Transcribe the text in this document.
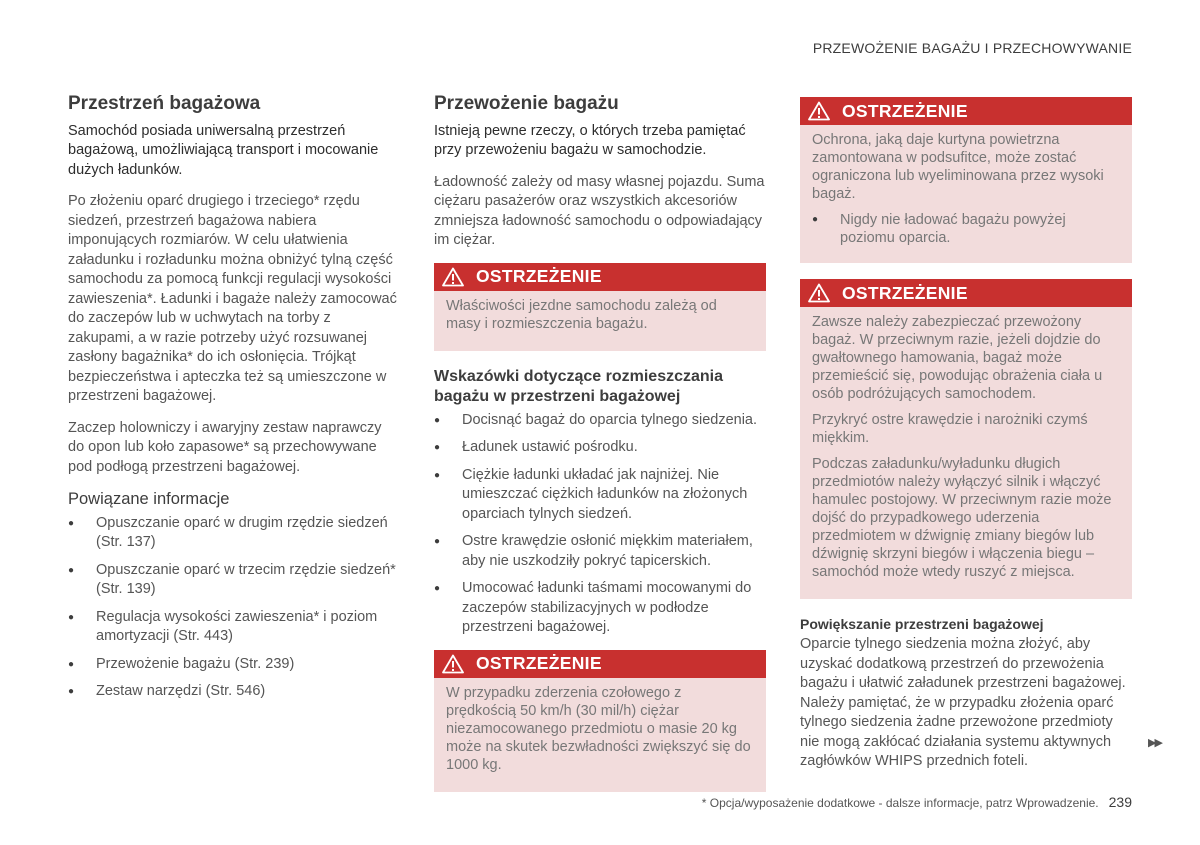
PRZEWOŻENIE BAGAŻU I PRZECHOWYWANIE
Przestrzeń bagażowa

Samochód posiada uniwersalną przestrzeń bagażową, umożliwiającą transport i mocowanie dużych ładunków.

Po złożeniu oparć drugiego i trzeciego* rzędu siedzeń, przestrzeń bagażowa nabiera imponujących rozmiarów. W celu ułatwienia załadunku i rozładunku można obniżyć tylną część samochodu za pomocą funkcji regulacji wysokości zawieszenia*. Ładunki i bagaże należy zamocować do zaczepów lub w uchwytach na torby z zakupami, a w razie potrzeby użyć rozsuwanej zasłony bagażnika* do ich osłonięcia. Trójkąt bezpieczeństwa i apteczka też są umieszczone w przestrzeni bagażowej.

Zaczep holowniczy i awaryjny zestaw naprawczy do opon lub koło zapasowe* są przechowywane pod podłogą przestrzeni bagażowej.

Powiązane informacje
● Opuszczanie oparć w drugim rzędzie siedzeń (Str. 137)
● Opuszczanie oparć w trzecim rzędzie siedzeń* (Str. 139)
● Regulacja wysokości zawieszenia* i poziom amortyzacji (Str. 443)
● Przewożenie bagażu (Str. 239)
● Zestaw narzędzi (Str. 546)
Przewożenie bagażu

Istnieją pewne rzeczy, o których trzeba pamiętać przy przewożeniu bagażu w samochodzie.

Ładowność zależy od masy własnej pojazdu. Suma ciężaru pasażerów oraz wszystkich akcesoriów zmniejsza ładowność samochodu o odpowiadający im ciężar.

OSTRZEŻENIE

Właściwości jezdne samochodu zależą od masy i rozmieszczenia bagażu.

Wskazówki dotyczące rozmieszczania bagażu w przestrzeni bagażowej
● Docisnąć bagaż do oparcia tylnego siedzenia.
● Ładunek ustawić pośrodku.
● Ciężkie ładunki układać jak najniżej. Nie umieszczać ciężkich ładunków na złożonych oparciach tylnych siedzeń.
● Ostre krawędzie osłonić miękkim materiałem, aby nie uszkodziły pokryć tapicerskich.
● Umocować ładunki taśmami mocowanymi do zaczepów stabilizacyjnych w podłodze przestrzeni bagażowej.
OSTRZEŻENIE

W przypadku zderzenia czołowego z prędkością 50 km/h (30 mil/h) ciężar niezamocowanego przedmiotu o masie 20 kg może na skutek bezwładności zwiększyć się do 1000 kg.

OSTRZEŻENIE

Ochrona, jaką daje kurtyna powietrzna zamontowana w podsufitce, może zostać ograniczona lub wyeliminowana przez wysoki bagaż.

● Nigdy nie ładować bagażu powyżej poziomu oparcia.
OSTRZEŻENIE

Zawsze należy zabezpieczać przewożony bagaż. W przeciwnym razie, jeżeli dojdzie do gwałtownego hamowania, bagaż może przemieścić się, powodując obrażenia ciała u osób podróżujących samochodem.

Przykryć ostre krawędzie i narożniki czymś miękkim.

Podczas załadunku/wyładunku długich przedmiotów należy wyłączyć silnik i włączyć hamulec postojowy. W przeciwnym razie może dojść do przypadkowego uderzenia przedmiotem w dźwignię zmiany biegów lub dźwignię skrzyni biegów i włączenia biegu – samochód może wtedy ruszyć z miejsca.

Powiększanie przestrzeni bagażowej

Oparcie tylnego siedzenia można złożyć, aby uzyskać dodatkową przestrzeń do przewożenia bagażu i ułatwić załadunek przestrzeni bagażowej. Należy pamiętać, że w przypadku złożenia oparć tylnego siedzenia żadne przewożone przedmioty nie mogą zakłócać działania systemu aktywnych zagłówków WHIPS przednich foteli.

▶▶
* Opcja/wyposażenie dodatkowe - dalsze informacje, patrz Wprowadzenie. 239
